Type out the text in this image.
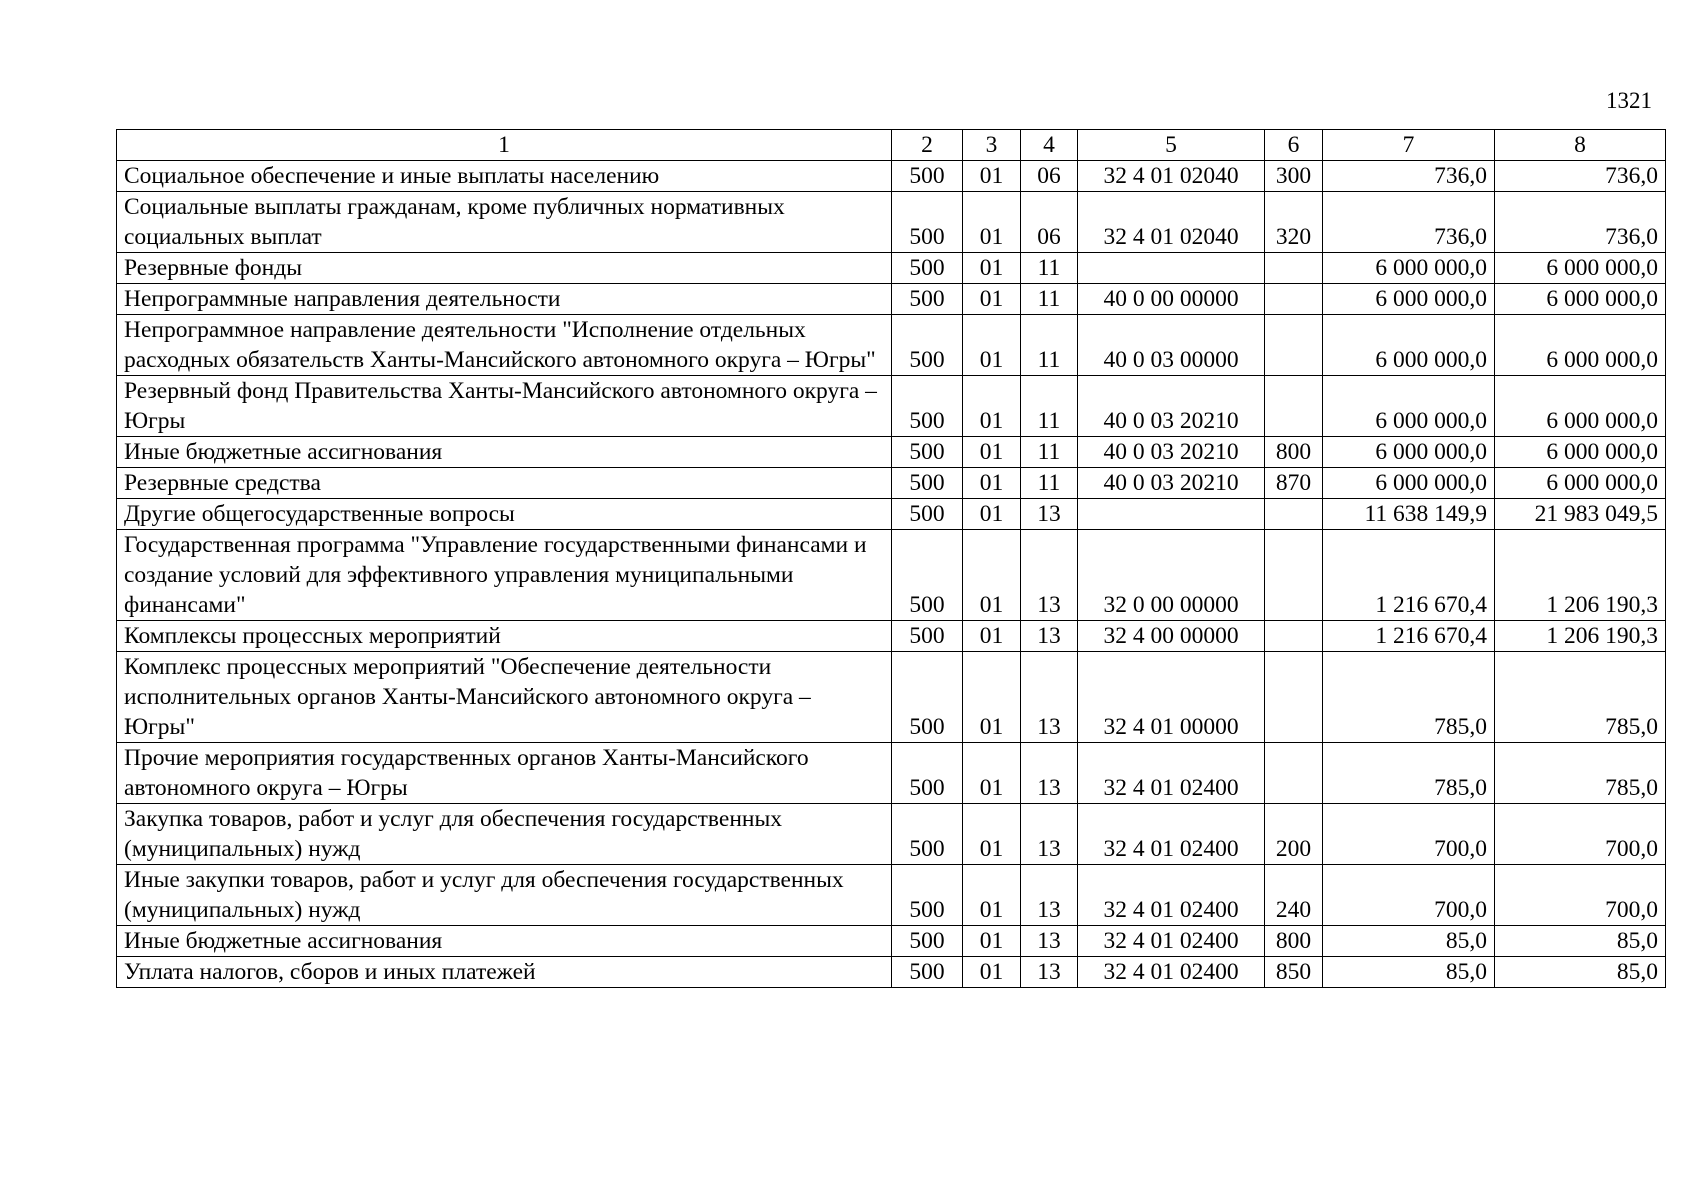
1321
1	2	3	4	5	6	7	8
Социальное обеспечение и иные выплаты населению	500	01	06	32 4 01 02040	300	736,0	736,0
Социальные выплаты гражданам, кроме публичных нормативных социальных выплат	500	01	06	32 4 01 02040	320	736,0	736,0
Резервные фонды	500	01	11			6 000 000,0	6 000 000,0
Непрограммные направления деятельности	500	01	11	40 0 00 00000		6 000 000,0	6 000 000,0
Непрограммное направление деятельности "Исполнение отдельных расходных обязательств Ханты-Мансийского автономного округа – Югры"	500	01	11	40 0 03 00000		6 000 000,0	6 000 000,0
Резервный фонд Правительства Ханты-Мансийского автономного округа – Югры	500	01	11	40 0 03 20210		6 000 000,0	6 000 000,0
Иные бюджетные ассигнования	500	01	11	40 0 03 20210	800	6 000 000,0	6 000 000,0
Резервные средства	500	01	11	40 0 03 20210	870	6 000 000,0	6 000 000,0
Другие общегосударственные вопросы	500	01	13			11 638 149,9	21 983 049,5
Государственная программа "Управление государственными финансами и создание условий для эффективного управления муниципальными финансами"	500	01	13	32 0 00 00000		1 216 670,4	1 206 190,3
Комплексы процессных мероприятий	500	01	13	32 4 00 00000		1 216 670,4	1 206 190,3
Комплекс процессных мероприятий "Обеспечение деятельности исполнительных органов Ханты-Мансийского автономного округа – Югры"	500	01	13	32 4 01 00000		785,0	785,0
Прочие мероприятия государственных органов Ханты-Мансийского автономного округа – Югры	500	01	13	32 4 01 02400		785,0	785,0
Закупка товаров, работ и услуг для обеспечения государственных (муниципальных) нужд	500	01	13	32 4 01 02400	200	700,0	700,0
Иные закупки товаров, работ и услуг для обеспечения государственных (муниципальных) нужд	500	01	13	32 4 01 02400	240	700,0	700,0
Иные бюджетные ассигнования	500	01	13	32 4 01 02400	800	85,0	85,0
Уплата налогов, сборов и иных платежей	500	01	13	32 4 01 02400	850	85,0	85,0
